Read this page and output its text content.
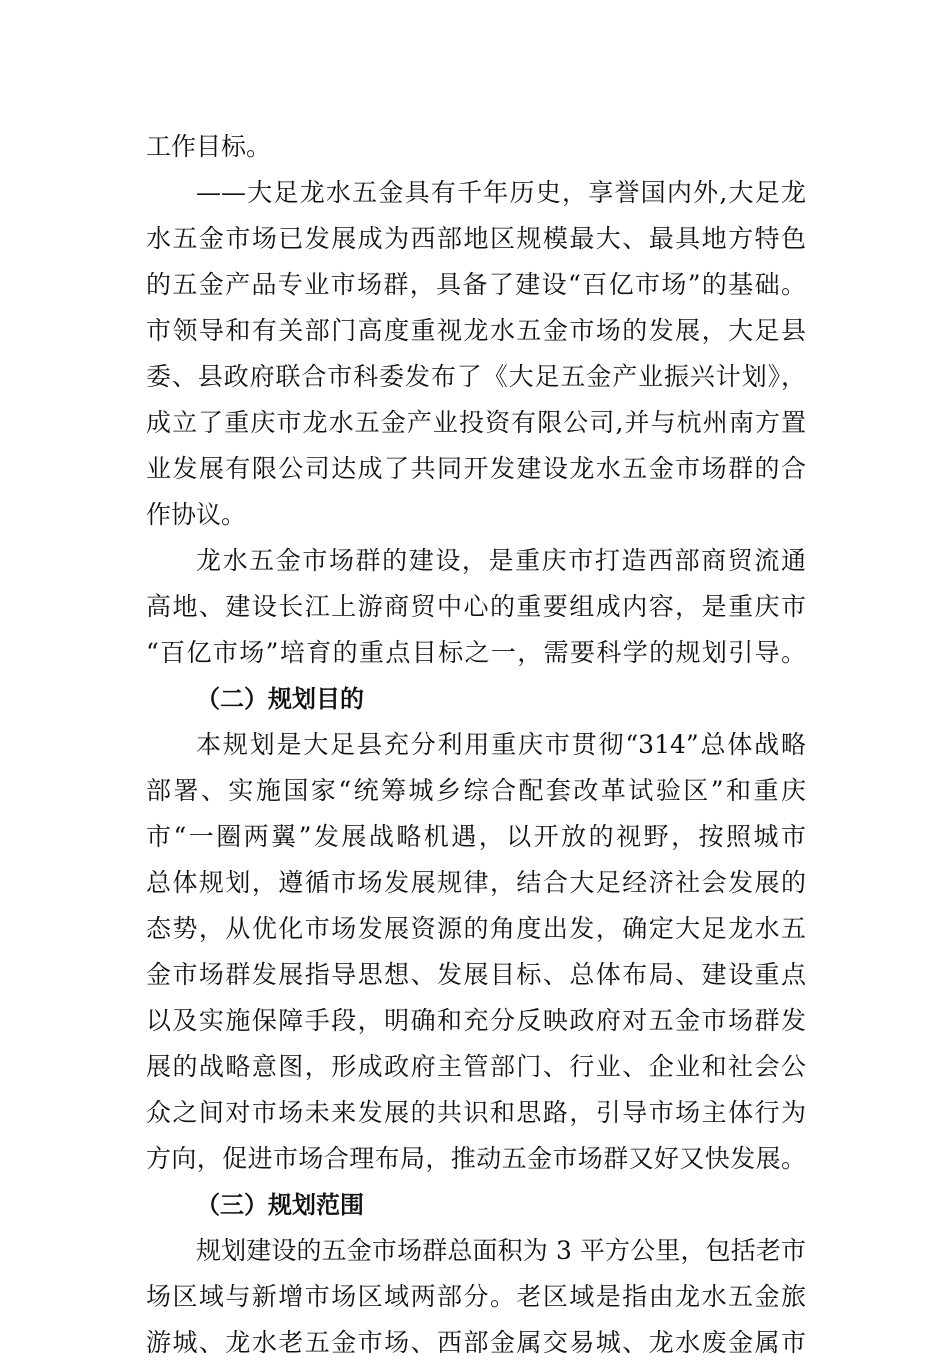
工作目标。
——大足龙水五金具有千年历史，享誉国内外,大足龙
水五金市场已发展成为西部地区规模最大、最具地方特色
的五金产品专业市场群，具备了建设“百亿市场”的基础。
市领导和有关部门高度重视龙水五金市场的发展，大足县
委、县政府联合市科委发布了《大足五金产业振兴计划》，
成立了重庆市龙水五金产业投资有限公司,并与杭州南方置
业发展有限公司达成了共同开发建设龙水五金市场群的合
作协议。
龙水五金市场群的建设，是重庆市打造西部商贸流通
高地、建设长江上游商贸中心的重要组成内容，是重庆市
“百亿市场”培育的重点目标之一，需要科学的规划引导。
（二）规划目的
本规划是大足县充分利用重庆市贯彻“314”总体战略
部署、实施国家“统筹城乡综合配套改革试验区”和重庆
市“一圈两翼”发展战略机遇，以开放的视野，按照城市
总体规划，遵循市场发展规律，结合大足经济社会发展的
态势，从优化市场发展资源的角度出发，确定大足龙水五
金市场群发展指导思想、发展目标、总体布局、建设重点
以及实施保障手段，明确和充分反映政府对五金市场群发
展的战略意图，形成政府主管部门、行业、企业和社会公
众之间对市场未来发展的共识和思路，引导市场主体行为
方向，促进市场合理布局，推动五金市场群又好又快发展。
（三）规划范围
规划建设的五金市场群总面积为 3 平方公里，包括老市
场区域与新增市场区域两部分。老区域是指由龙水五金旅
游城、龙水老五金市场、西部金属交易城、龙水废金属市
